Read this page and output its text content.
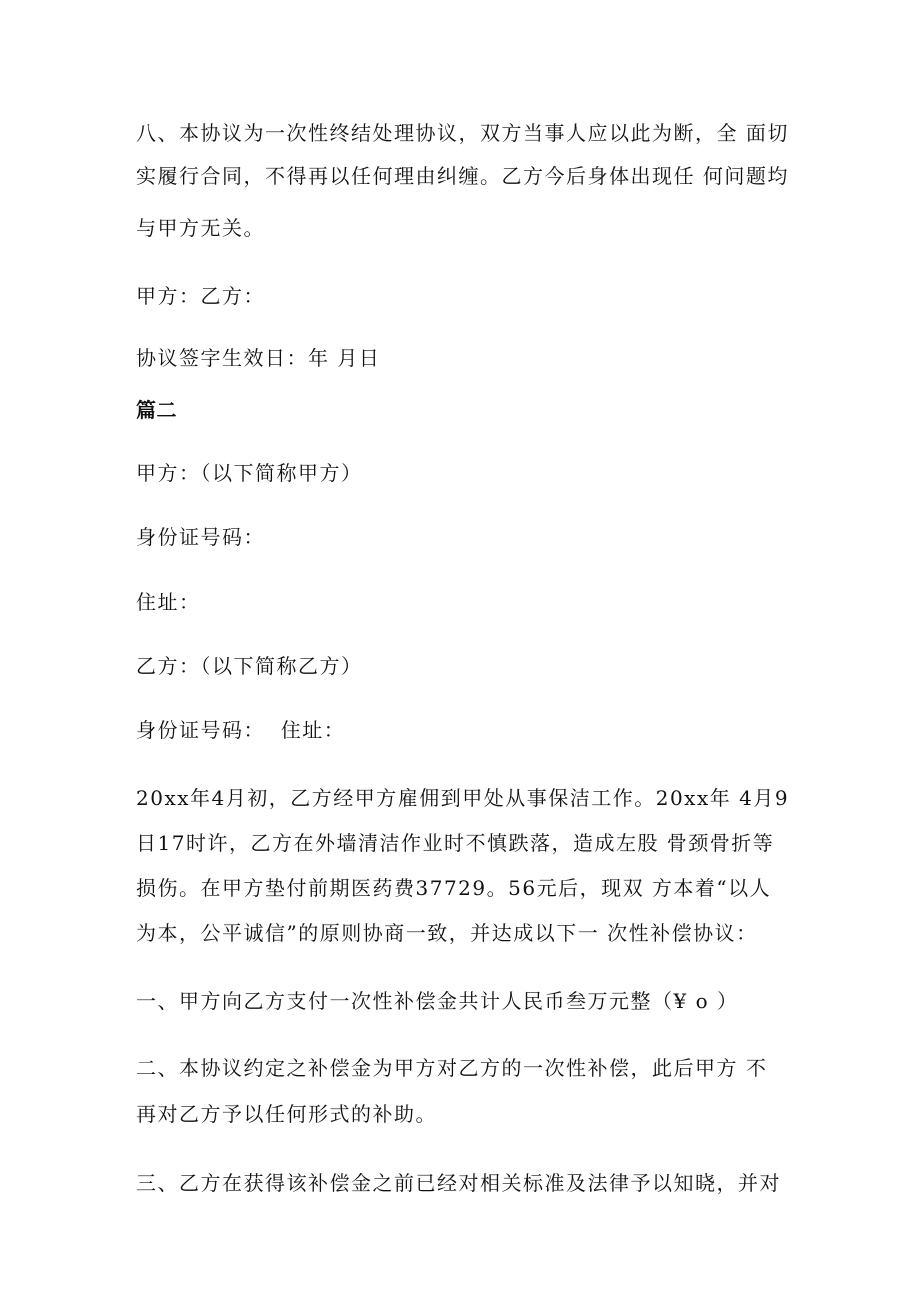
八、本协议为一次性终结处理协议，双方当事人应以此为断，全 面切
实履行合同，不得再以任何理由纠缠。乙方今后身体出现任 何问题均
与甲方无关。
甲方：乙方：
协议签字生效日：年 月日
篇二
甲方：（以下简称甲方）
身份证号码：
住址：
乙方：（以下简称乙方）
身份证号码：  住址：
20xx年4月初，乙方经甲方雇佣到甲处从事保洁工作。20xx年 4月9
日17时许，乙方在外墙清洁作业时不慎跌落，造成左股 骨颈骨折等
损伤。在甲方垫付前期医药费37729。56元后，现双 方本着“以人
为本，公平诚信”的原则协商一致，并达成以下一 次性补偿协议：
一、甲方向乙方支付一次性补偿金共计人民币叁万元整（¥ o ）
二、本协议约定之补偿金为甲方对乙方的一次性补偿，此后甲方 不
再对乙方予以任何形式的补助。
三、乙方在获得该补偿金之前已经对相关标准及法律予以知晓，并对
